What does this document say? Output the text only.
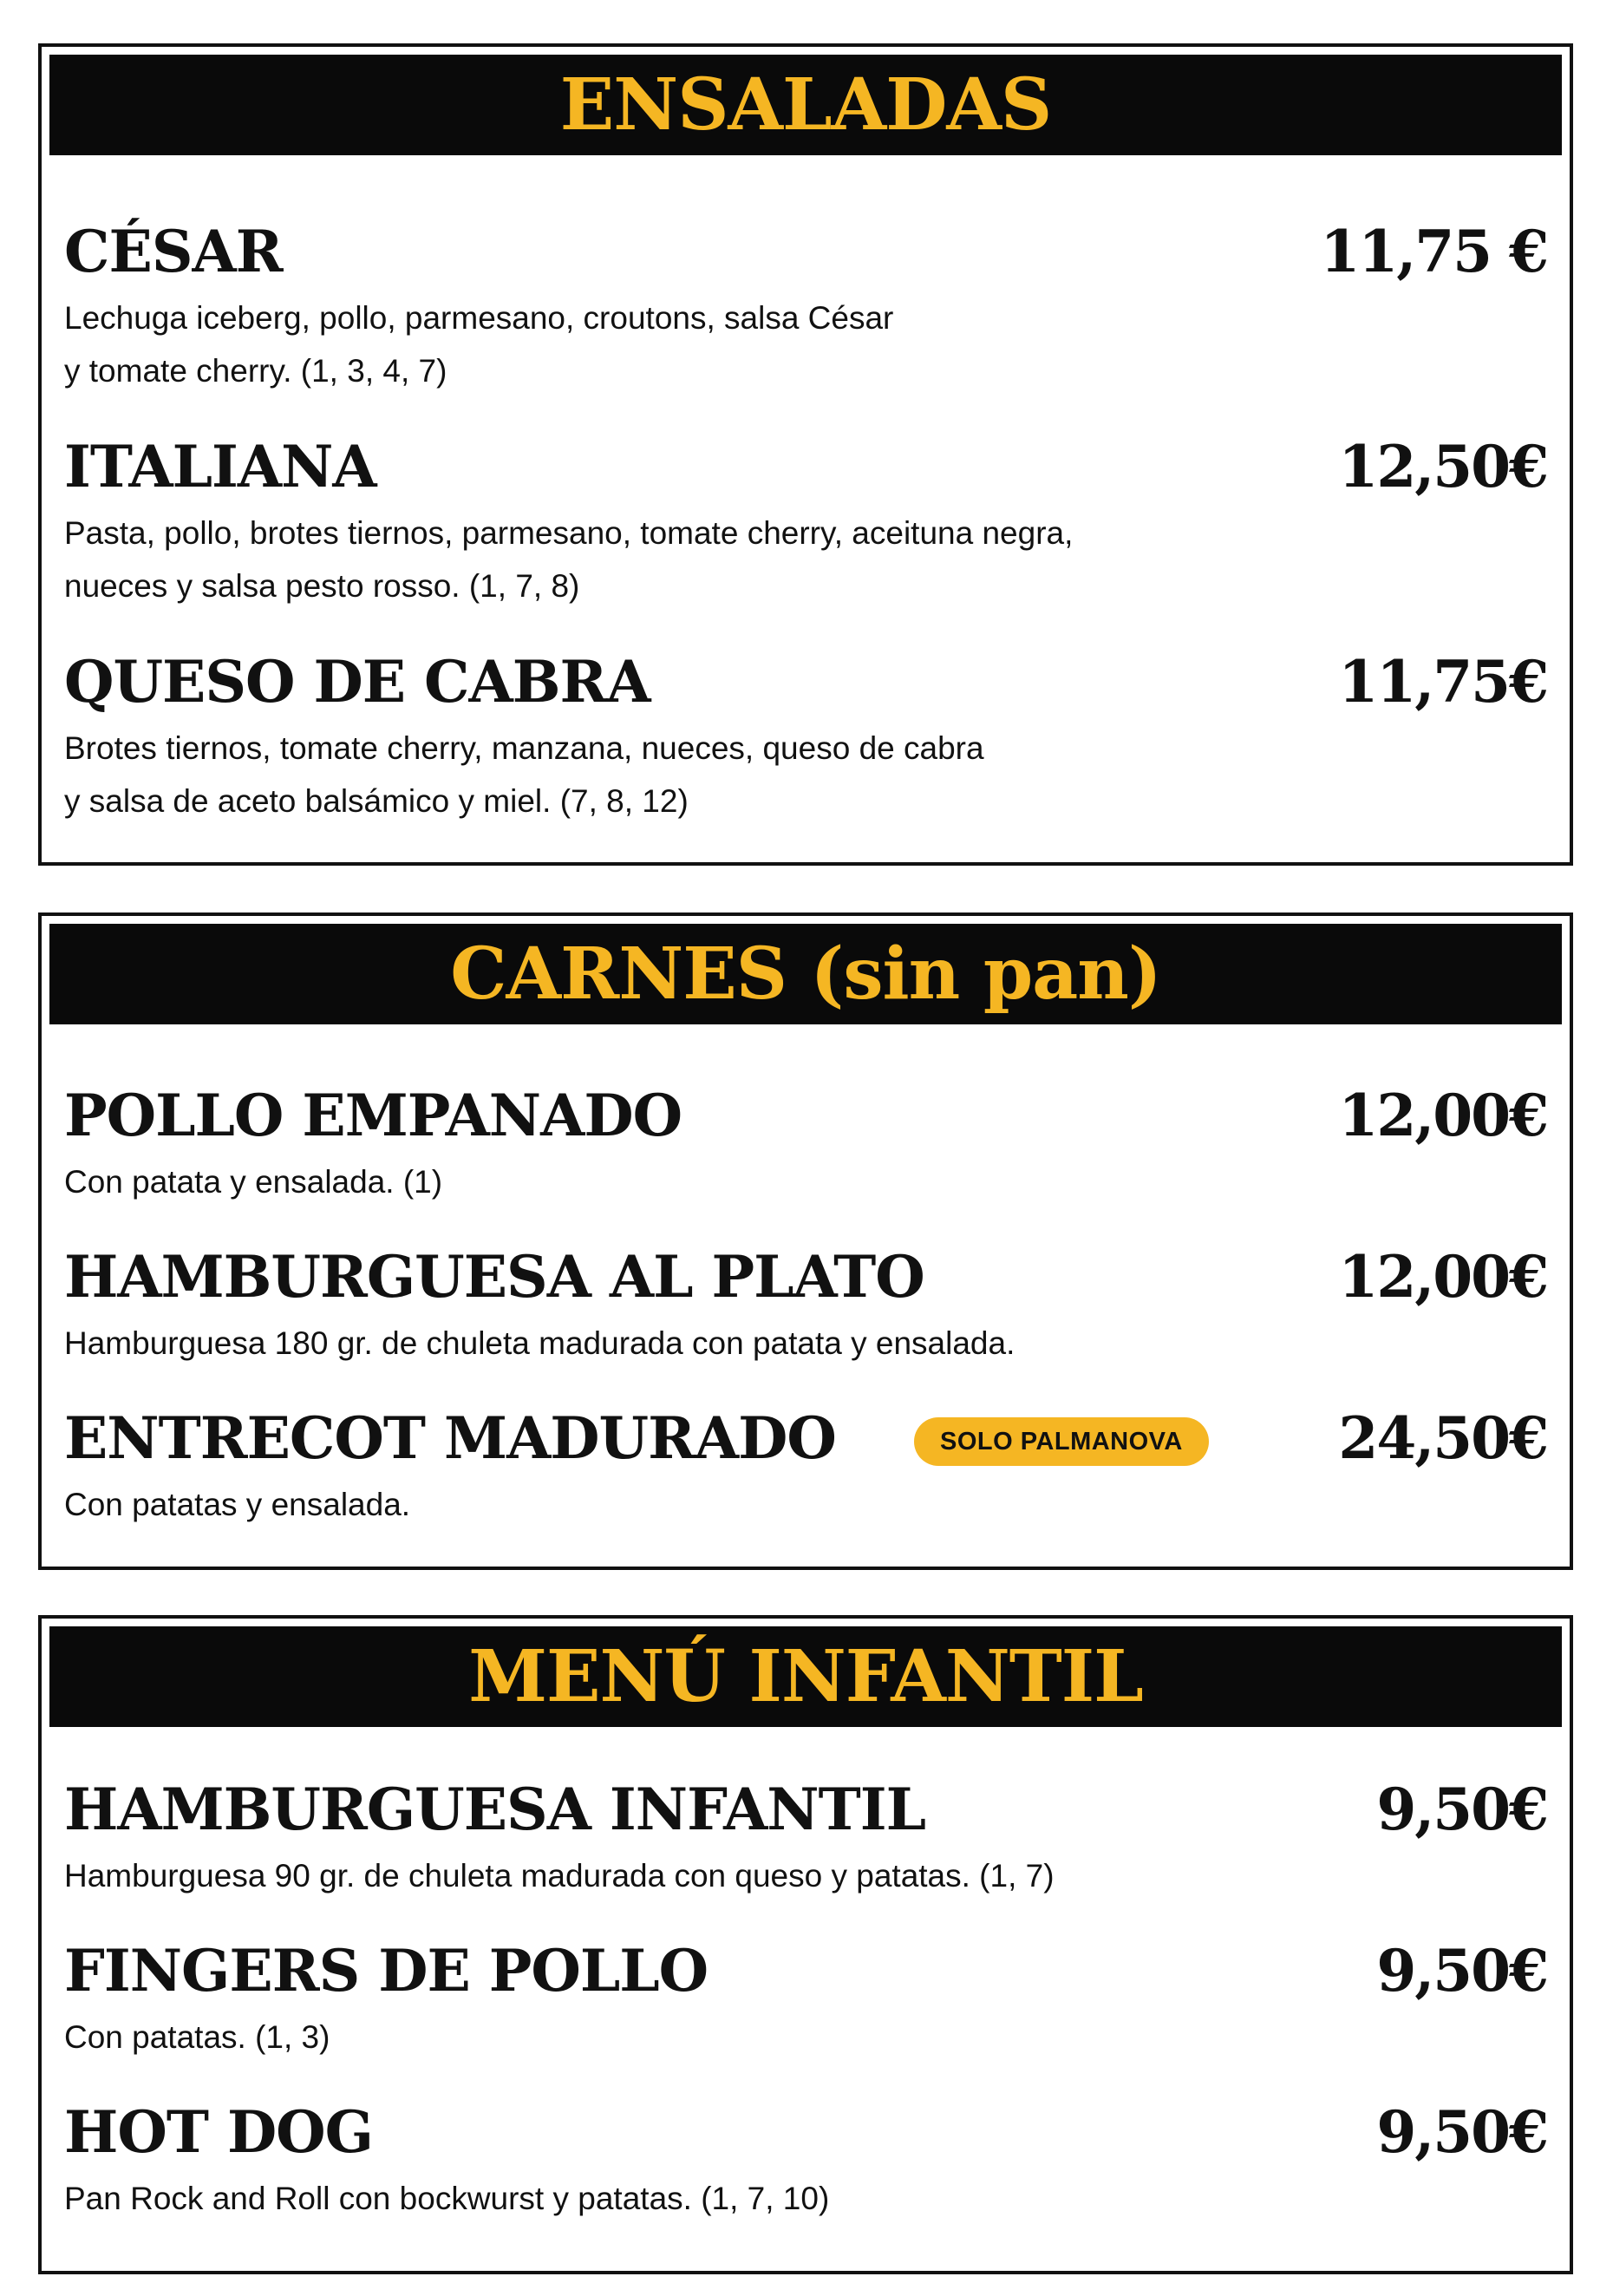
ENSALADAS
CÉSAR	11,75 €
Lechuga iceberg, pollo, parmesano, croutons, salsa César
y tomate cherry. (1, 3, 4, 7)
ITALIANA	12,50€
Pasta, pollo, brotes tiernos, parmesano, tomate cherry, aceituna negra,
nueces y salsa pesto rosso. (1, 7, 8)
QUESO DE CABRA	11,75€
Brotes tiernos, tomate cherry, manzana, nueces, queso de cabra
y salsa de aceto balsámico y miel. (7, 8, 12)
CARNES (sin pan)
POLLO EMPANADO	12,00€
Con patata y ensalada. (1)
HAMBURGUESA AL PLATO	12,00€
Hamburguesa 180 gr. de chuleta madurada con patata y ensalada.
ENTRECOT MADURADO	SOLO PALMANOVA	24,50€
Con patatas y ensalada.
MENÚ INFANTIL
HAMBURGUESA INFANTIL	9,50€
Hamburguesa 90 gr. de chuleta madurada con queso y patatas. (1, 7)
FINGERS DE POLLO	9,50€
Con patatas. (1, 3)
HOT DOG	9,50€
Pan Rock and Roll con bockwurst y patatas. (1, 7, 10)
